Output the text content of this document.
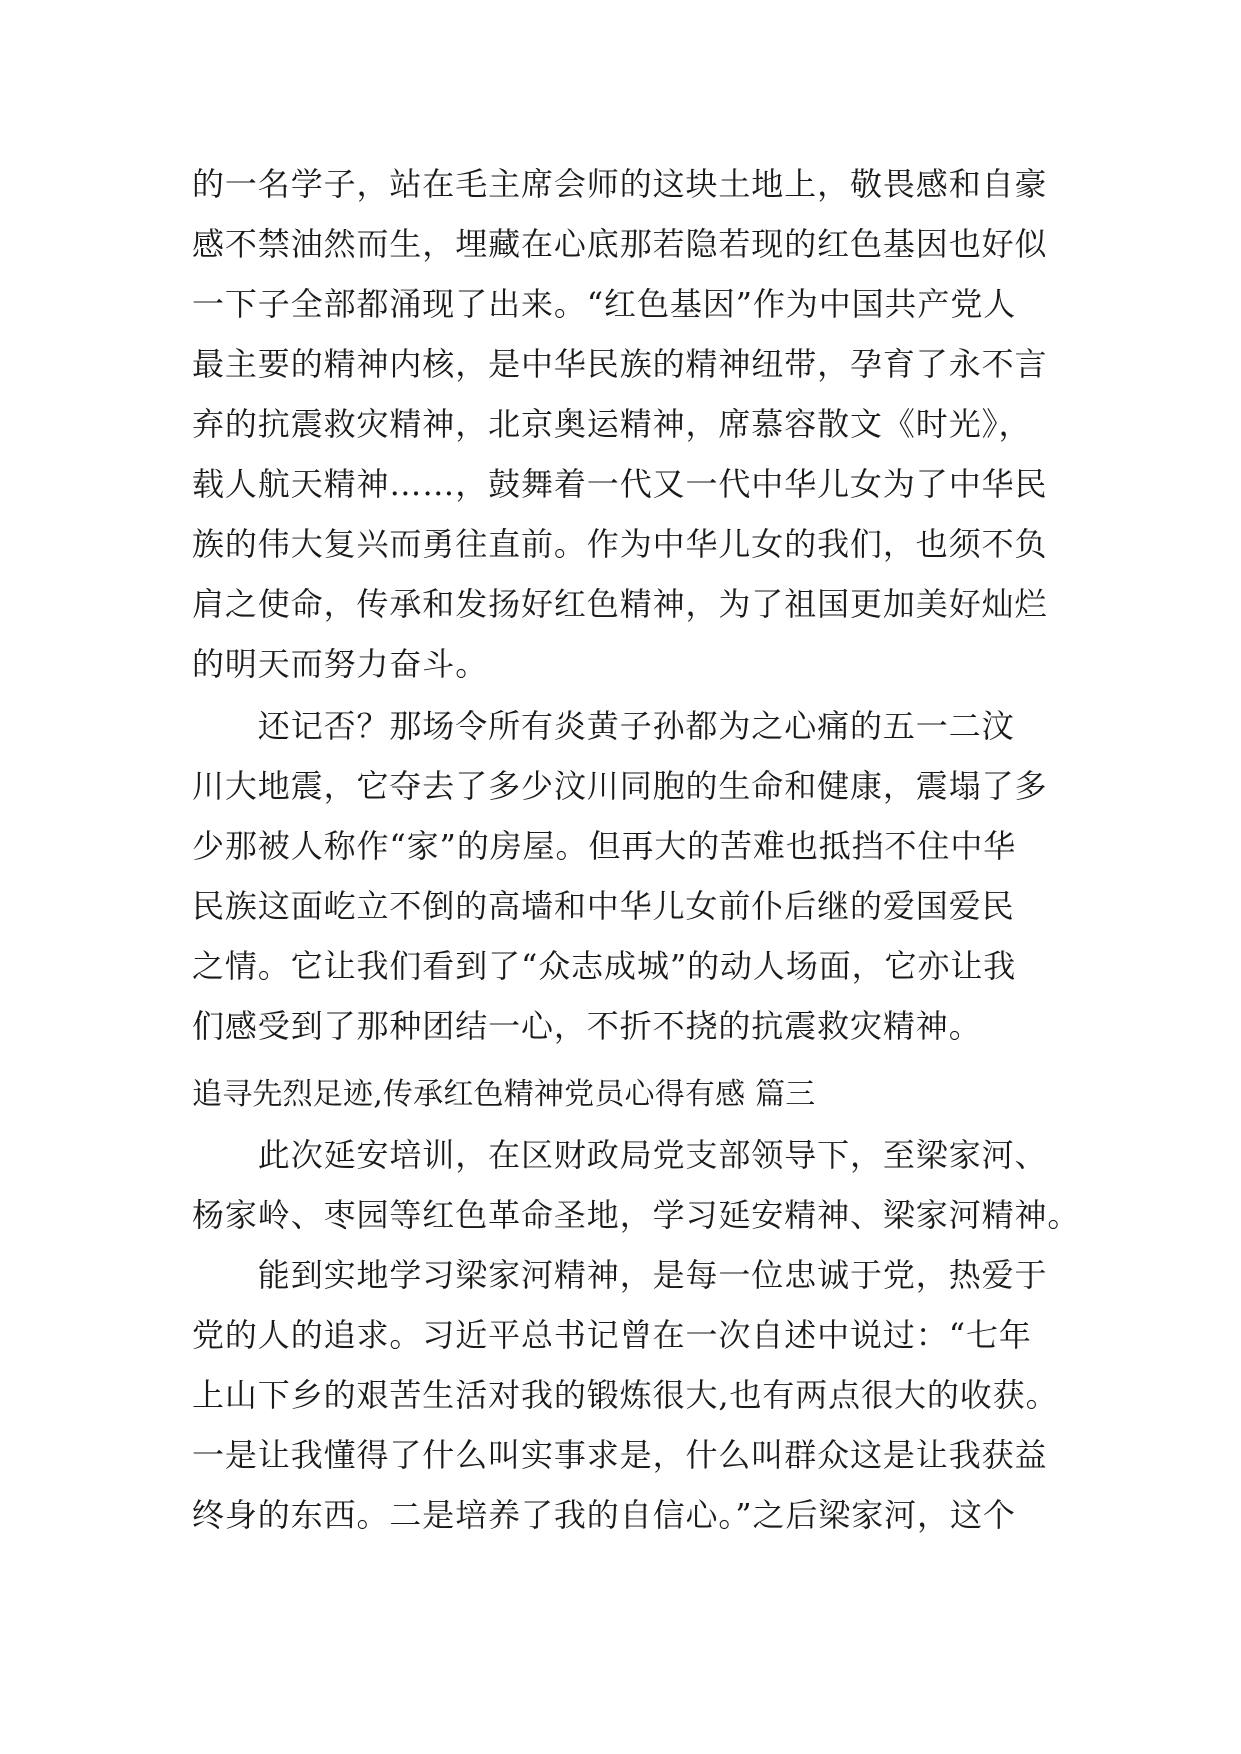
的一名学子，站在毛主席会师的这块土地上，敬畏感和自豪
感不禁油然而生，埋藏在心底那若隐若现的红色基因也好似
一下子全部都涌现了出来。“红色基因”作为中国共产党人
最主要的精神内核，是中华民族的精神纽带，孕育了永不言
弃的抗震救灾精神，北京奥运精神，席慕容散文《时光》，
载人航天精神……，鼓舞着一代又一代中华儿女为了中华民
族的伟大复兴而勇往直前。作为中华儿女的我们，也须不负
肩之使命，传承和发扬好红色精神，为了祖国更加美好灿烂
的明天而努力奋斗。
　　还记否？那场令所有炎黄子孙都为之心痛的五一二汶
川大地震，它夺去了多少汶川同胞的生命和健康，震塌了多
少那被人称作“家”的房屋。但再大的苦难也抵挡不住中华
民族这面屹立不倒的高墙和中华儿女前仆后继的爱国爱民
之情。它让我们看到了“众志成城”的动人场面，它亦让我
们感受到了那种团结一心，不折不挠的抗震救灾精神。
追寻先烈足迹,传承红色精神党员心得有感 篇三
　　此次延安培训，在区财政局党支部领导下，至梁家河、
杨家岭、枣园等红色革命圣地，学习延安精神、梁家河精神。
　　能到实地学习梁家河精神，是每一位忠诚于党，热爱于
党的人的追求。习近平总书记曾在一次自述中说过：“七年
上山下乡的艰苦生活对我的锻炼很大,也有两点很大的收获。
一是让我懂得了什么叫实事求是，什么叫群众这是让我获益
终身的东西。二是培养了我的自信心。”之后梁家河，这个
